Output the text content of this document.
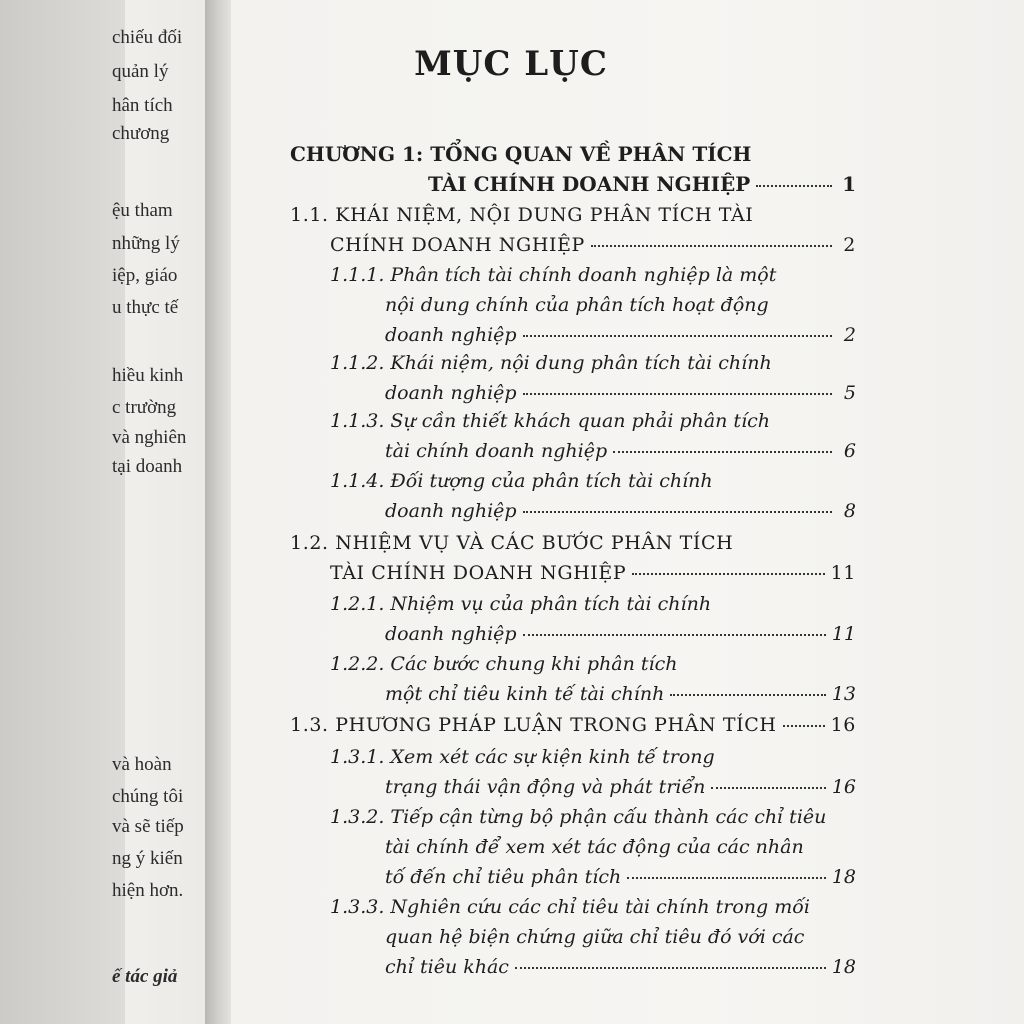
chiếu đối
quản lý
hân tích
chương
ệu tham
những lý
iệp, giáo
u thực tế
hiều kinh
c trường
và nghiên
tại doanh
và hoàn
chúng tôi
và sẽ tiếp
ng ý kiến
hiện hơn.
ế tác giả
MỤC LỤC
CHƯƠNG 1: TỔNG QUAN VỀ PHÂN TÍCH
TÀI CHÍNH DOANH NGHIỆP	1
1.1. KHÁI NIỆM, NỘI DUNG PHÂN TÍCH TÀI
CHÍNH DOANH NGHIỆP	2
1.1.1. Phân tích tài chính doanh nghiệp là một
nội dung chính của phân tích hoạt động
doanh nghiệp	2
1.1.2. Khái niệm, nội dung phân tích tài chính
doanh nghiệp	5
1.1.3. Sự cần thiết khách quan phải phân tích
tài chính doanh nghiệp	6
1.1.4. Đối tượng của phân tích tài chính
doanh nghiệp	8
1.2. NHIỆM VỤ VÀ CÁC BƯỚC PHÂN TÍCH
TÀI CHÍNH DOANH NGHIỆP	11
1.2.1. Nhiệm vụ của phân tích tài chính
doanh nghiệp	11
1.2.2. Các bước chung khi phân tích
một chỉ tiêu kinh tế tài chính	13
1.3. PHƯƠNG PHÁP LUẬN TRONG PHÂN TÍCH	16
1.3.1. Xem xét các sự kiện kinh tế trong
trạng thái vận động và phát triển	16
1.3.2. Tiếp cận từng bộ phận cấu thành các chỉ tiêu
tài chính để xem xét tác động của các nhân
tố đến chỉ tiêu phân tích	18
1.3.3. Nghiên cứu các chỉ tiêu tài chính trong mối
quan hệ biện chứng giữa chỉ tiêu đó với các
chỉ tiêu khác	18
